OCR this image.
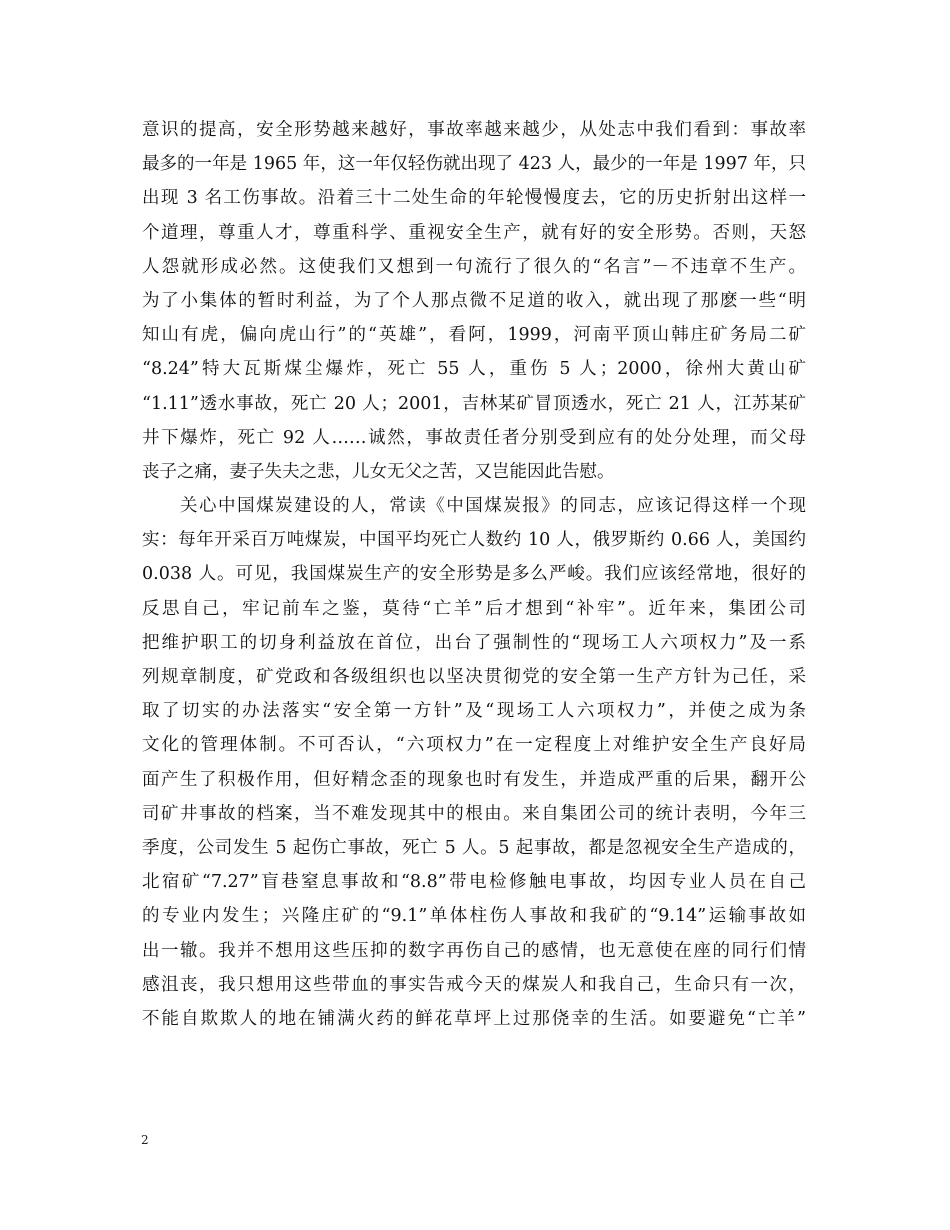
意识的提高，安全形势越来越好，事故率越来越少，从处志中我们看到：事故率
最多的一年是 1965 年，这一年仅轻伤就出现了 423 人，最少的一年是 1997 年，只
出现 3 名工伤事故。沿着三十二处生命的年轮慢慢度去，它的历史折射出这样一
个道理，尊重人才，尊重科学、重视安全生产，就有好的安全形势。否则，天怒
人怨就形成必然。这使我们又想到一句流行了很久的“名言”－不违章不生产。
为了小集体的暂时利益，为了个人那点微不足道的收入，就出现了那麽一些“明
知山有虎，偏向虎山行”的“英雄”，看阿，1999，河南平顶山韩庄矿务局二矿
“8.24”特大瓦斯煤尘爆炸，死亡 55 人，重伤 5 人；2000，徐州大黄山矿
“1.11”透水事故，死亡 20 人；2001，吉林某矿冒顶透水，死亡 21 人，江苏某矿
井下爆炸，死亡 92 人‥‥‥诚然，事故责任者分别受到应有的处分处理，而父母
丧子之痛，妻子失夫之悲，儿女无父之苦，又岂能因此告慰。
　　关心中国煤炭建设的人，常读《中国煤炭报》的同志，应该记得这样一个现
实：每年开采百万吨煤炭，中国平均死亡人数约 10 人，俄罗斯约 0.66 人，美国约
0.038 人。可见，我国煤炭生产的安全形势是多么严峻。我们应该经常地，很好的
反思自己，牢记前车之鉴，莫待“亡羊”后才想到“补牢”。近年来，集团公司
把维护职工的切身利益放在首位，出台了强制性的“现场工人六项权力”及一系
列规章制度，矿党政和各级组织也以坚决贯彻党的安全第一生产方针为己任，采
取了切实的办法落实“安全第一方针”及“现场工人六项权力”，并使之成为条
文化的管理体制。不可否认，“六项权力”在一定程度上对维护安全生产良好局
面产生了积极作用，但好精念歪的现象也时有发生，并造成严重的后果，翻开公
司矿井事故的档案，当不难发现其中的根由。来自集团公司的统计表明，今年三
季度，公司发生 5 起伤亡事故，死亡 5 人。5 起事故，都是忽视安全生产造成的，
北宿矿“7.27”盲巷窒息事故和“8.8”带电检修触电事故，均因专业人员在自己
的专业内发生；兴隆庄矿的“9.1”单体柱伤人事故和我矿的“9.14”运输事故如
出一辙。我并不想用这些压抑的数字再伤自己的感情，也无意使在座的同行们情
感沮丧，我只想用这些带血的事实告戒今天的煤炭人和我自己，生命只有一次，
不能自欺欺人的地在铺满火药的鲜花草坪上过那侥幸的生活。如要避免“亡羊”
2
